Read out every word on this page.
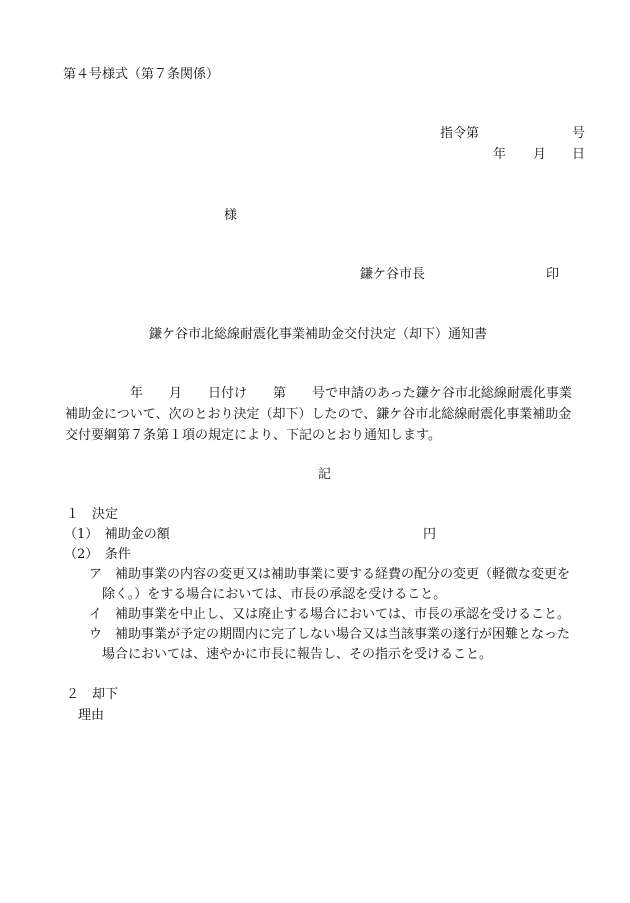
第４号様式（第７条関係）
指令第	号
年 月 日
様
鎌ケ谷市長	印
鎌ケ谷市北総線耐震化事業補助金交付決定（却下）通知書
　　　　　年　　月　　日付け　　第　　号で申請のあった鎌ケ谷市北総線耐震化事業
補助金について、次のとおり決定（却下）したので、鎌ケ谷市北総線耐震化事業補助金
交付要綱第７条第１項の規定により、下記のとおり通知します。
記
１　決定
（1）　補助金の額	円
（2）　条件
ア　補助事業の内容の変更又は補助事業に要する経費の配分の変更（軽微な変更を
　除く。）をする場合においては、市長の承認を受けること。
イ　補助事業を中止し、又は廃止する場合においては、市長の承認を受けること。
ウ　補助事業が予定の期間内に完了しない場合又は当該事業の遂行が困難となった
　場合においては、速やかに市長に報告し、その指示を受けること。
２　却下
理由
